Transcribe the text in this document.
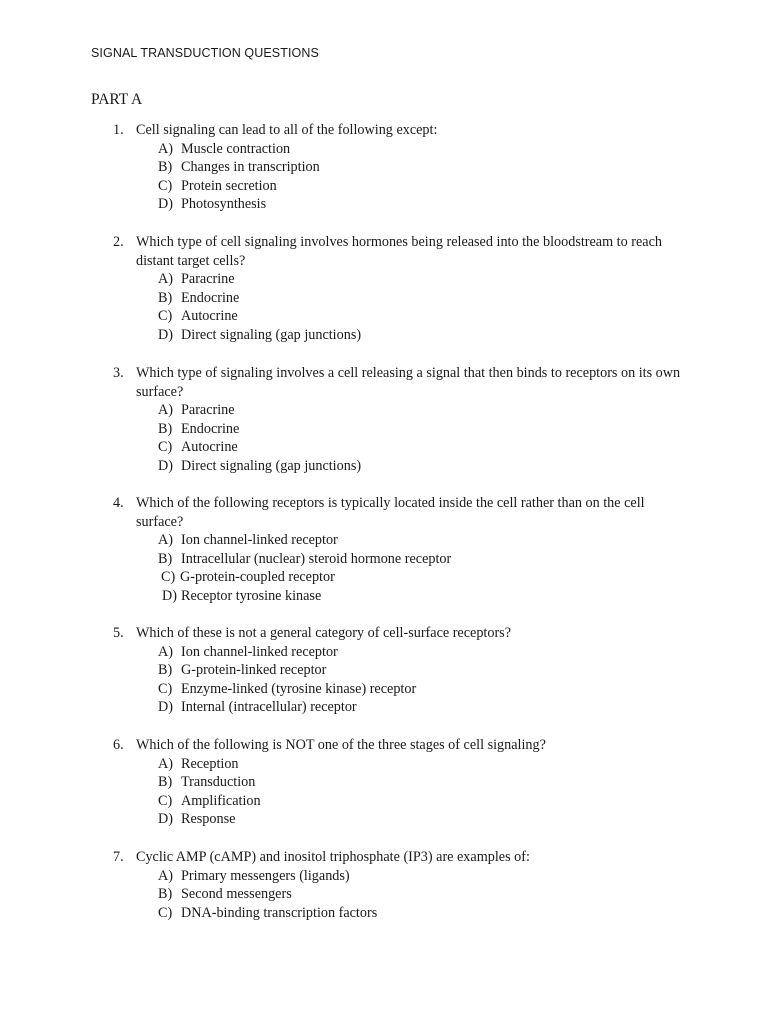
SIGNAL TRANSDUCTION QUESTIONS
PART A
1. Cell signaling can lead to all of the following except:
A) Muscle contraction
B) Changes in transcription
C) Protein secretion
D) Photosynthesis
2. Which type of cell signaling involves hormones being released into the bloodstream to reach distant target cells?
A) Paracrine
B) Endocrine
C) Autocrine
D) Direct signaling (gap junctions)
3. Which type of signaling involves a cell releasing a signal that then binds to receptors on its own surface?
A) Paracrine
B) Endocrine
C) Autocrine
D) Direct signaling (gap junctions)
4. Which of the following receptors is typically located inside the cell rather than on the cell surface?
A) Ion channel-linked receptor
B) Intracellular (nuclear) steroid hormone receptor
C) G-protein-coupled receptor
D) Receptor tyrosine kinase
5. Which of these is not a general category of cell-surface receptors?
A) Ion channel-linked receptor
B) G-protein-linked receptor
C) Enzyme-linked (tyrosine kinase) receptor
D) Internal (intracellular) receptor
6. Which of the following is NOT one of the three stages of cell signaling?
A) Reception
B) Transduction
C) Amplification
D) Response
7. Cyclic AMP (cAMP) and inositol triphosphate (IP3) are examples of:
A) Primary messengers (ligands)
B) Second messengers
C) DNA-binding transcription factors
